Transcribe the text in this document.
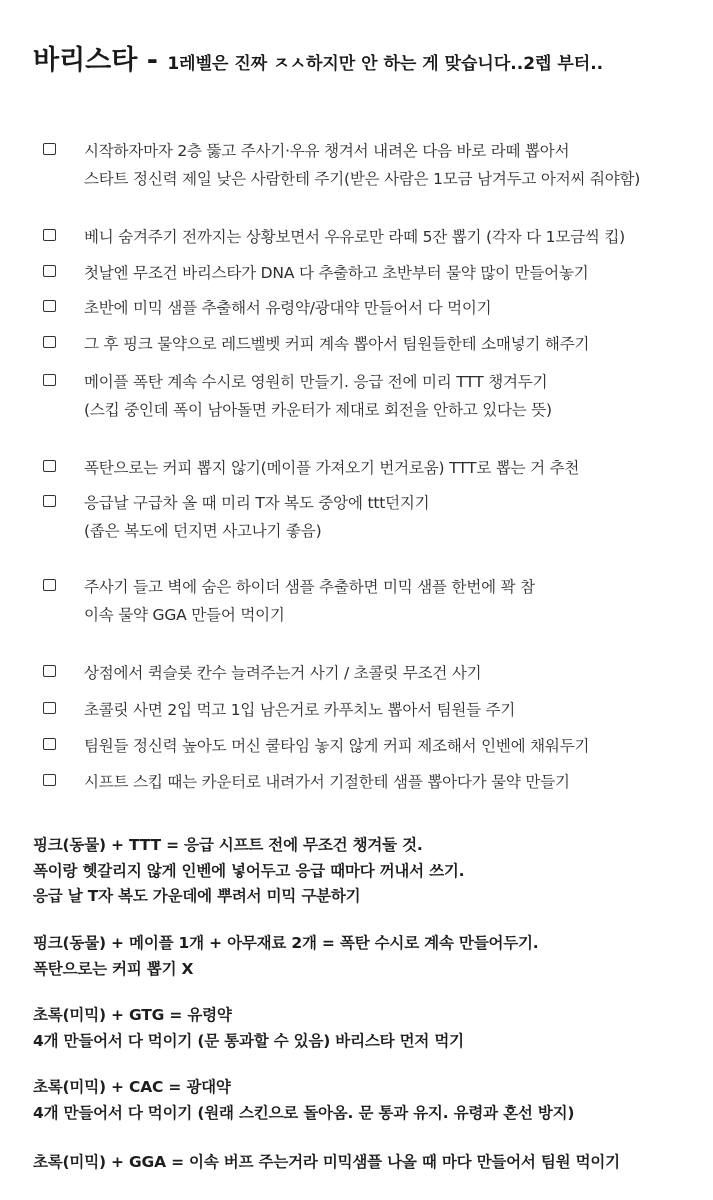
바리스타 - 1레벨은 진짜 ㅈㅅ하지만 안 하는 게 맞습니다..2렙 부터..
시작하자마자 2층 뚫고 주사기·우유 챙겨서 내려온 다음 바로 라떼 뽑아서
스타트 정신력 제일 낮은 사람한테 주기(받은 사람은 1모금 남겨두고 아저씨 줘야함)
베니 숨겨주기 전까지는 상황보면서 우유로만 라떼 5잔 뽑기 (각자 다 1모금씩 킵)
첫날엔 무조건 바리스타가 DNA 다 추출하고 초반부터 물약 많이 만들어놓기
초반에 미믹 샘플 추출해서 유령약/광대약 만들어서 다 먹이기
그 후 핑크 물약으로 레드벨벳 커피 계속 뽑아서 팀원들한테 소매넣기 해주기
메이플 폭탄 계속 수시로 영원히 만들기. 응급 전에 미리 TTT 챙겨두기
(스킵 중인데 폭이 남아돌면 카운터가 제대로 회전을 안하고 있다는 뜻)
폭탄으로는 커피 뽑지 않기(메이플 가져오기 번거로움) TTT로 뽑는 거 추천
응급날 구급차 올 때 미리 T자 복도 중앙에 ttt던지기
(좁은 복도에 던지면 사고나기 좋음)
주사기 들고 벽에 숨은 하이더 샘플 추출하면 미믹 샘플 한번에 꽉 참
이속 물약 GGA 만들어 먹이기
상점에서 퀵슬롯 칸수 늘려주는거 사기 / 초콜릿 무조건 사기
초콜릿 사면 2입 먹고 1입 남은거로 카푸치노 뽑아서 팀원들 주기
팀원들 정신력 높아도 머신 쿨타임 놓지 않게 커피 제조해서 인벤에 채워두기
시프트 스킵 때는 카운터로 내려가서 기절한테 샘플 뽑아다가 물약 만들기
핑크(동물) + TTT = 응급 시프트 전에 무조건 챙겨둘 것.
폭이랑 헷갈리지 않게 인벤에 넣어두고 응급 때마다 꺼내서 쓰기.
응급 날 T자 복도 가운데에 뿌려서 미믹 구분하기
핑크(동물) + 메이플 1개 + 아무재료 2개 = 폭탄 수시로 계속 만들어두기.
폭탄으로는 커피 뽑기 X
초록(미믹) + GTG = 유령약
4개 만들어서 다 먹이기 (문 통과할 수 있음) 바리스타 먼저 먹기
초록(미믹) + CAC = 광대약
4개 만들어서 다 먹이기 (원래 스킨으로 돌아옴. 문 통과 유지. 유령과 혼선 방지)
초록(미믹) + GGA = 이속 버프 주는거라 미믹샘플 나올 때 마다 만들어서 팀원 먹이기
